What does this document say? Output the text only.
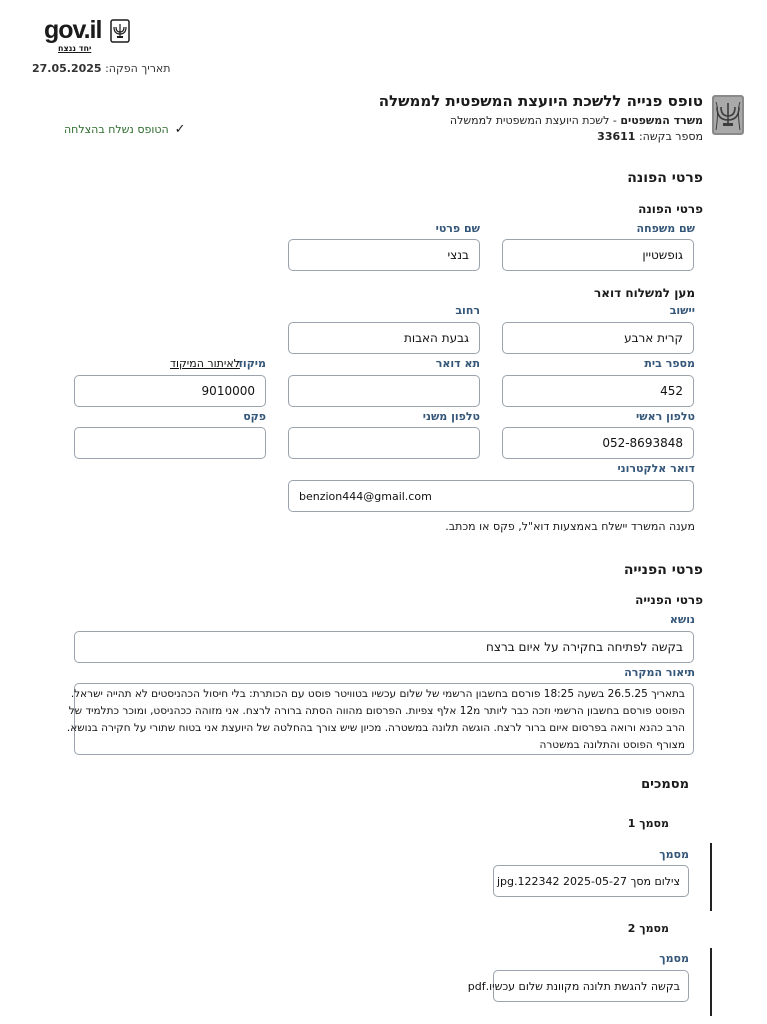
gov.il
יחד ננצח
תאריך הפקה: 27.05.2025
טופס פנייה ללשכת היועצת המשפטית לממשלה
משרד המשפטים - לשכת היועצת המשפטית לממשלה
מספר בקשה: 33611
✓
הטופס נשלח בהצלחה
פרטי הפונה
פרטי הפונה
שם משפחה
גופשטיין
שם פרטי
בנצי
מען למשלוח דואר
יישוב
קרית ארבע
רחוב
גבעת האבות
מספר בית
452
תא דואר
מיקוד
לאיתור המיקוד
9010000
טלפון ראשי
052-8693848
טלפון משני
פקס
דואר אלקטרוני
benzion444@gmail.com
מענה המשרד יישלח באמצעות דוא"ל, פקס או מכתב.
פרטי הפנייה
פרטי הפנייה
נושא
בקשה לפתיחה בחקירה על איום ברצח
תיאור המקרה
בתאריך 26.5.25 בשעה 18:25 פורסם בחשבון הרשמי של שלום עכשיו בטוויטר פוסט עם הכותרת: בלי חיסול הכהניסטים לא תהייה ישראל.
הפוסט פורסם בחשבון הרשמי וזכה כבר ליותר מ12 אלף צפיות. הפרסום מהווה הסתה ברורה לרצח. אני מזוהה ככהניסט, ומוכר כתלמיד של
הרב כהנא ורואה בפרסום איום ברור לרצח. הוגשה תלונה במשטרה. מכיון שיש צורך בהחלטה של היועצת אני בטוח שתורי על חקירה בנושא.
מצורף הפוסט והתלונה במשטרה
מסמכים
מסמך 1
מסמך
צילום מסך 2025-05-27 122342.jpg
מסמך 2
מסמך
בקשה להגשת תלונה מקוונת שלום עכשיו.pdf
